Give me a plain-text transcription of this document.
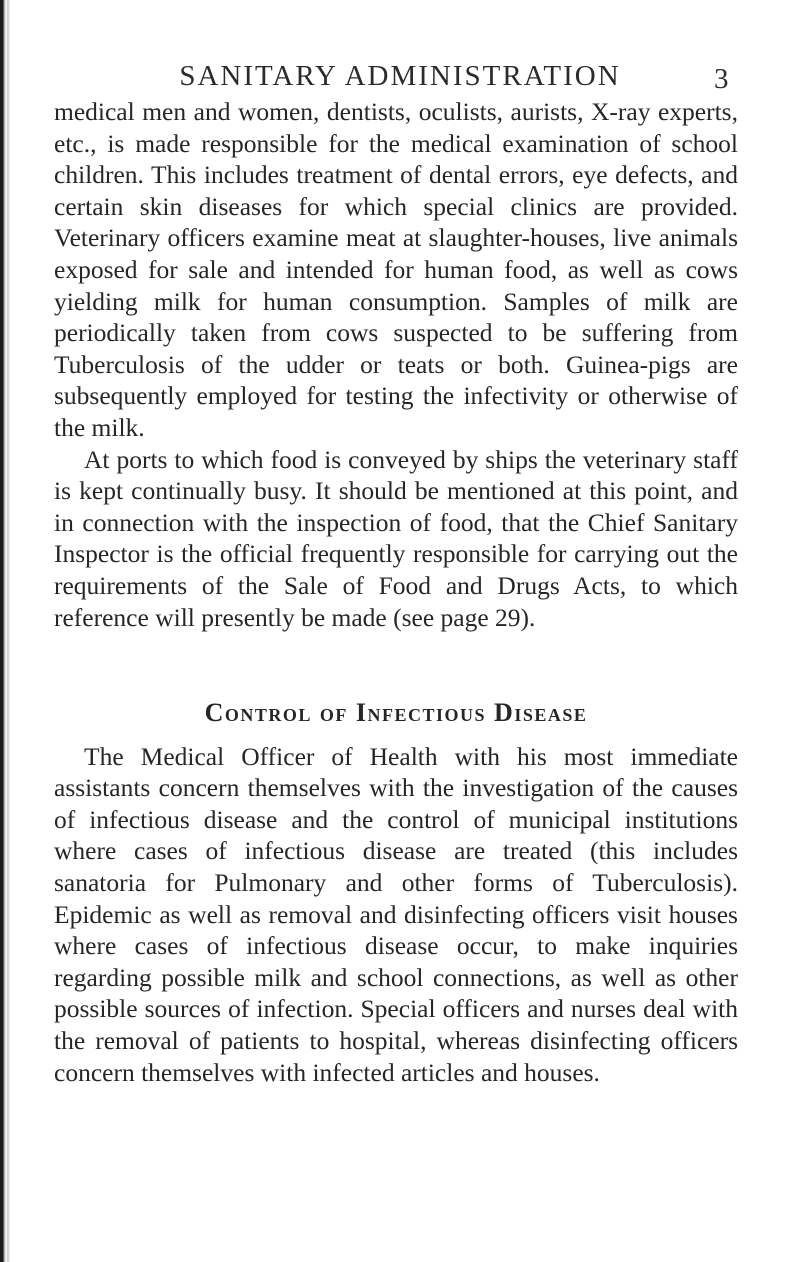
SANITARY ADMINISTRATION	3

medical men and women, dentists, oculists, aurists, X-ray experts, etc., is made responsible for the medical examination of school children. This includes treatment of dental errors, eye defects, and certain skin diseases for which special clinics are provided. Veterinary officers examine meat at slaughter-houses, live animals exposed for sale and intended for human food, as well as cows yielding milk for human consumption. Samples of milk are periodically taken from cows suspected to be suffering from Tuberculosis of the udder or teats or both. Guinea-pigs are subsequently employed for testing the infectivity or otherwise of the milk.

At ports to which food is conveyed by ships the veterinary staff is kept continually busy. It should be mentioned at this point, and in connection with the inspection of food, that the Chief Sanitary Inspector is the official frequently responsible for carrying out the requirements of the Sale of Food and Drugs Acts, to which reference will presently be made (see page 29).

Control of Infectious Disease

The Medical Officer of Health with his most immediate assistants concern themselves with the investigation of the causes of infectious disease and the control of municipal institutions where cases of infectious disease are treated (this includes sanatoria for Pulmonary and other forms of Tuberculosis). Epidemic as well as removal and disinfecting officers visit houses where cases of infectious disease occur, to make inquiries regarding possible milk and school connections, as well as other possible sources of infection. Special officers and nurses deal with the removal of patients to hospital, whereas disinfecting officers concern themselves with infected articles and houses.
